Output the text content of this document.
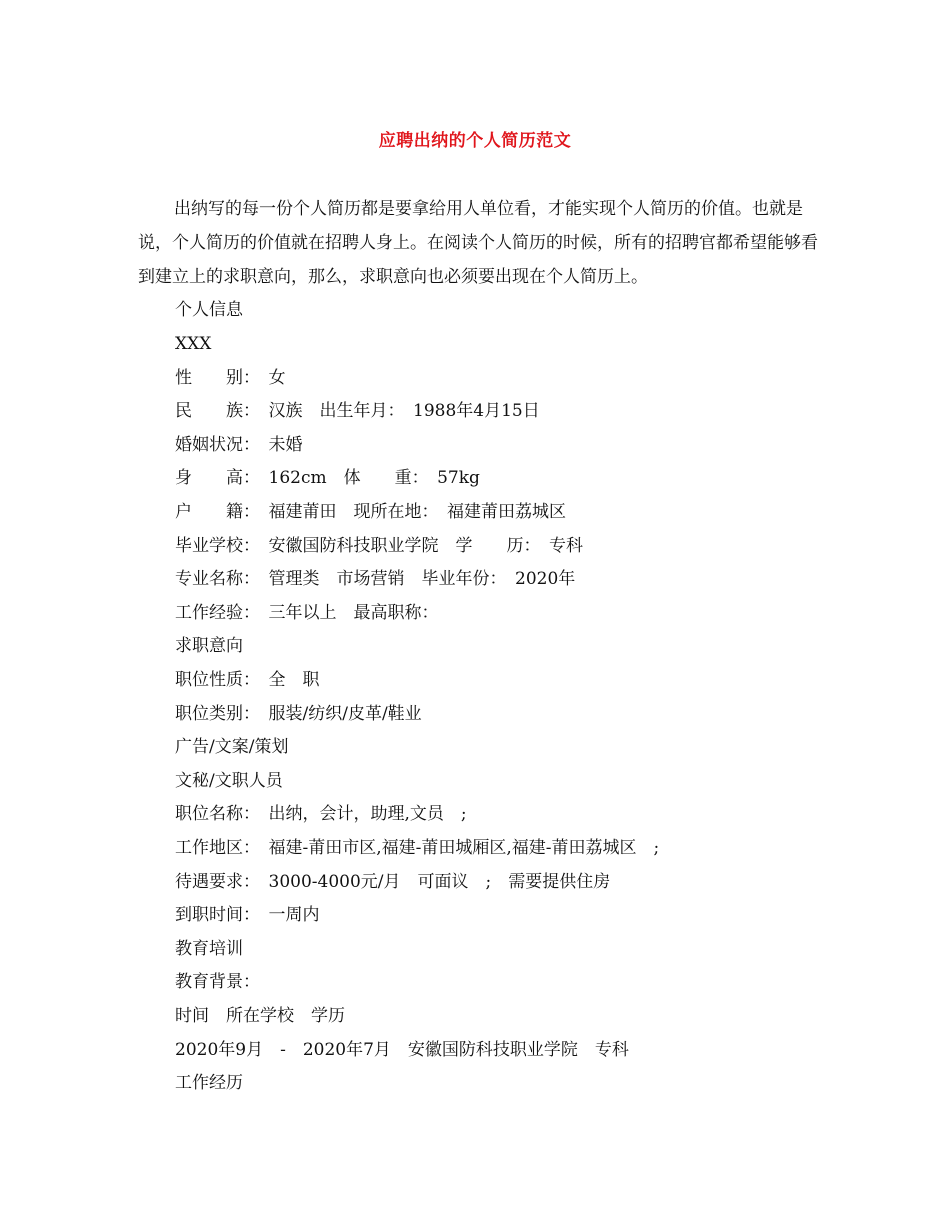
应聘出纳的个人简历范文
出纳写的每一份个人简历都是要拿给用人单位看，才能实现个人简历的价值。也就是说，个人简历的价值就在招聘人身上。在阅读个人简历的时候，所有的招聘官都希望能够看到建立上的求职意向，那么，求职意向也必须要出现在个人简历上。
个人信息
XXX
性　　别：　女
民　　族：　汉族　出生年月：　1988年4月15日
婚姻状况：　未婚
身　　高：　162cm　体　　重：　57kg
户　　籍：　福建莆田　现所在地：　福建莆田荔城区
毕业学校：　安徽国防科技职业学院　学　　历：　专科
专业名称：　管理类　市场营销　毕业年份：　2020年
工作经验：　三年以上　最高职称：
求职意向
职位性质：　全　职
职位类别：　服装/纺织/皮革/鞋业
广告/文案/策划
文秘/文职人员
职位名称：　出纳，会计，助理,文员　;
工作地区：　福建-莆田市区,福建-莆田城厢区,福建-莆田荔城区　;
待遇要求：　3000-4000元/月　可面议　;　需要提供住房
到职时间：　一周内
教育培训
教育背景：
时间　所在学校　学历
2020年9月　-　2020年7月　安徽国防科技职业学院　专科
工作经历
